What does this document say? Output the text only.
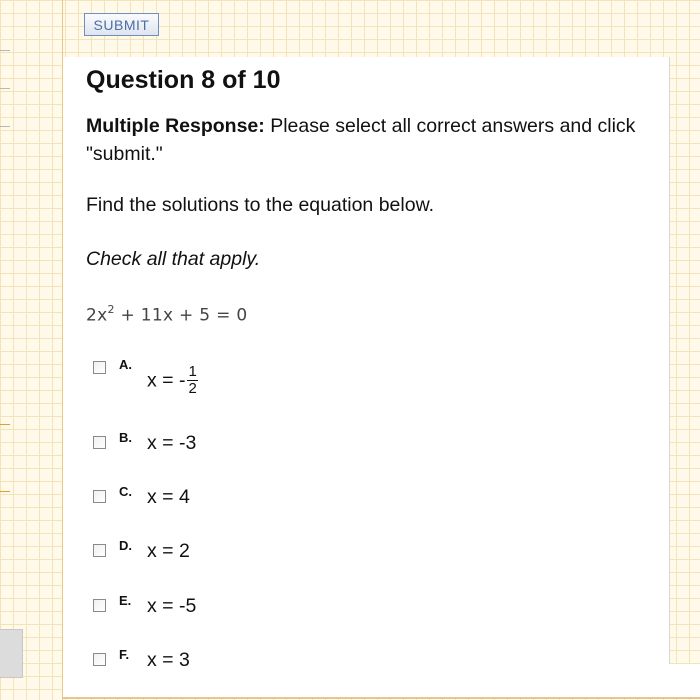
SUBMIT
Question 8 of 10

Multiple Response: Please select all correct answers and click "submit."

Find the solutions to the equation below.

Check all that apply.

$2x^2 + 11x + 5 = 0$
A.
x = - $\frac{1}{2}$
B. x = -3
C. x = 4
D. x = 2
E. x = -5
F. x = 3
